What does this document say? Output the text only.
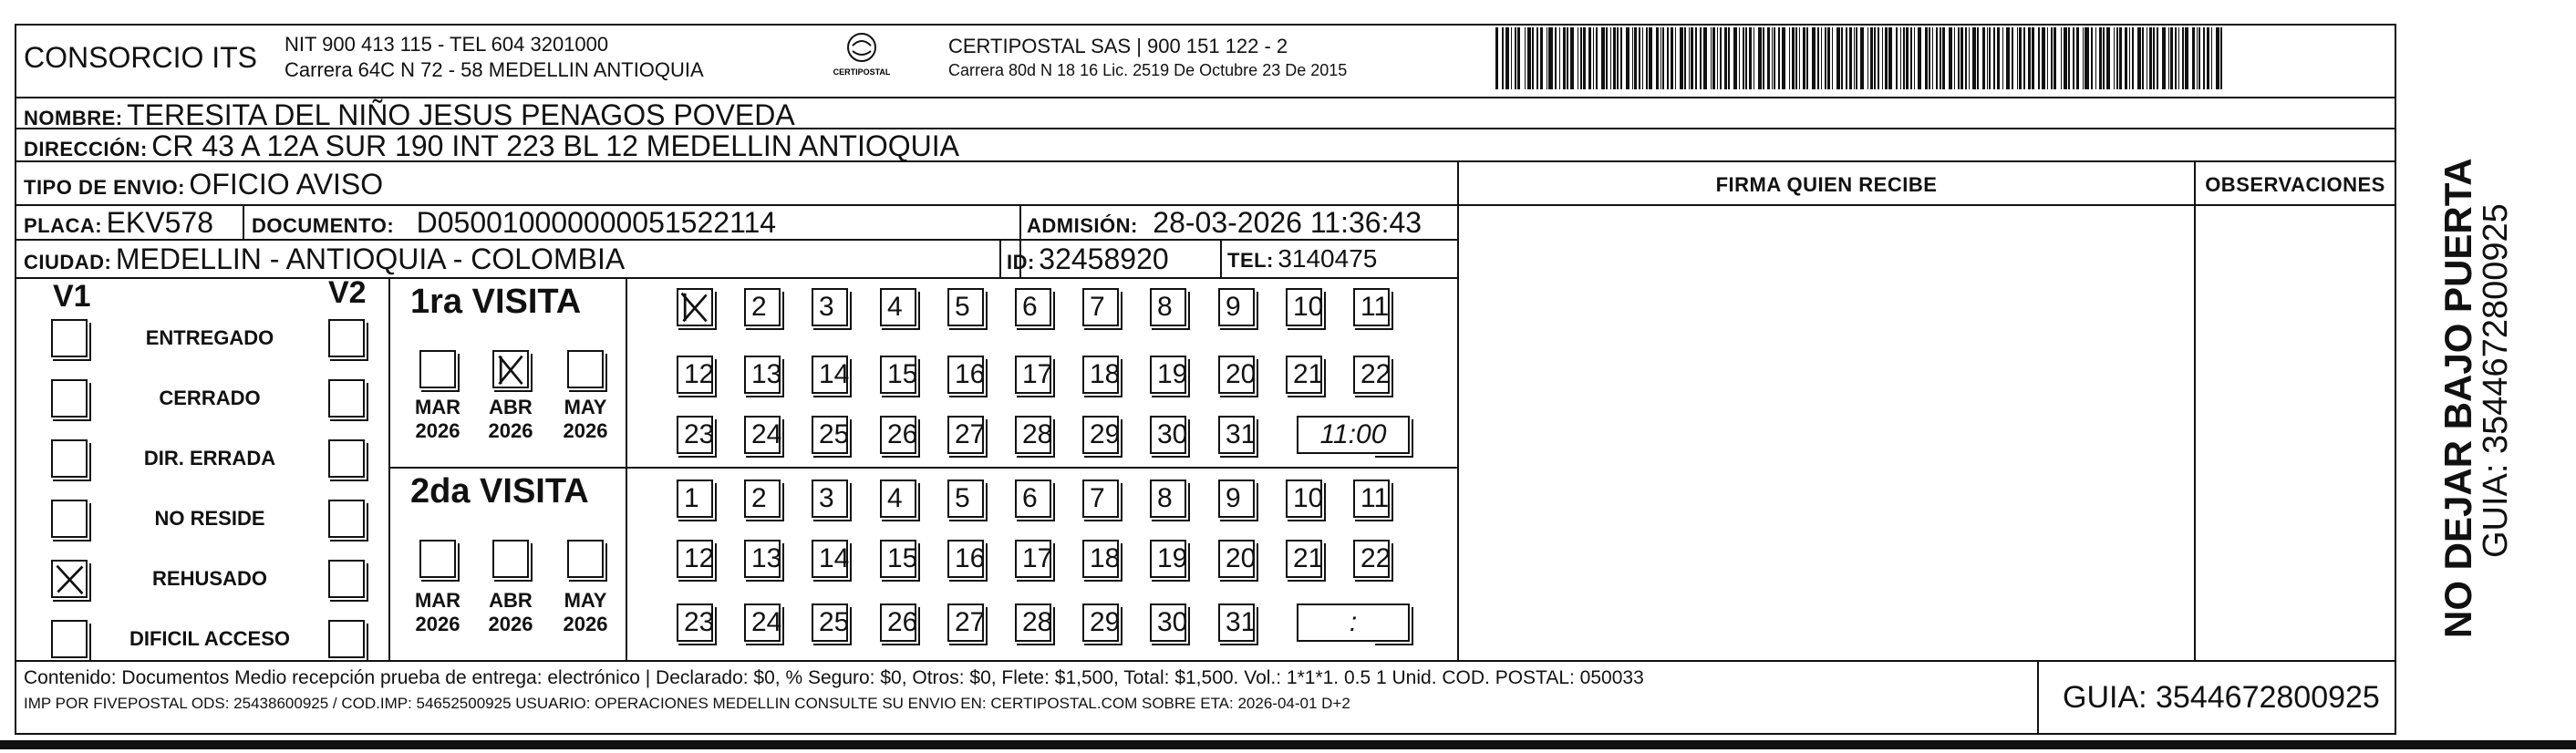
CONSORCIO ITS NIT 900 413 115 - TEL 604 3201000
Carrera 64C N 72 - 58 MEDELLIN ANTIOQUIA	CERTIPOSTAL
CERTIPOSTAL SAS | 900 151 122 - 2
Carrera 80d N 18 16 Lic. 2519 De Octubre 23 De 2015
NOMBRE: TERESITA DEL NIÑO JESUS PENAGOS POVEDA
DIRECCIÓN: CR 43 A 12A SUR 190 INT 223 BL 12 MEDELLIN ANTIOQUIA
TIPO DE ENVIO: OFICIO AVISO
PLACA: EKV578 DOCUMENTO: D050010000000051522114	ADMISIÓN: 28-03-2026 11:36:43
CIUDAD: MEDELLIN - ANTIOQUIA - COLOMBIA	ID: 32458920	TEL: 3140475
FIRMA QUIEN RECIBE	OBSERVACIONES
V1	V2
ENTREGADO
CERRADO
DIR. ERRADA
NO RESIDE
REHUSADO
DIFICIL ACCESO
1ra VISITA
2da VISITA
MAR
2026
ABR
2026
MAY
2026
MAR
2026
ABR
2026
MAY
2026
2	3	4	5	6	7	8	9	10 11
12 13 14 15 16 17 18 19 20 21 22
23 24 25 26 27 28 29 30 31	11:00
1	2	3	4	5	6	7	8	9	10 11
12 13 14 15 16 17 18 19 20 21 22
23 24 25 26 27 28 29 30 31	:
Contenido: Documentos Medio recepción prueba de entrega: electrónico | Declarado: $0, % Seguro: $0, Otros: $0, Flete: $1,500, Total: $1,500. Vol.: 1*1*1. 0.5 1 Unid. COD. POSTAL: 050033
IMP POR FIVEPOSTAL ODS: 25438600925 / COD.IMP: 54652500925 USUARIO: OPERACIONES MEDELLIN CONSULTE SU ENVIO EN: CERTIPOSTAL.COM SOBRE ETA: 2026-04-01 D+2	GUIA: 3544672800925
NO DEJAR BAJO PUERTA
GUIA: 3544672800925
